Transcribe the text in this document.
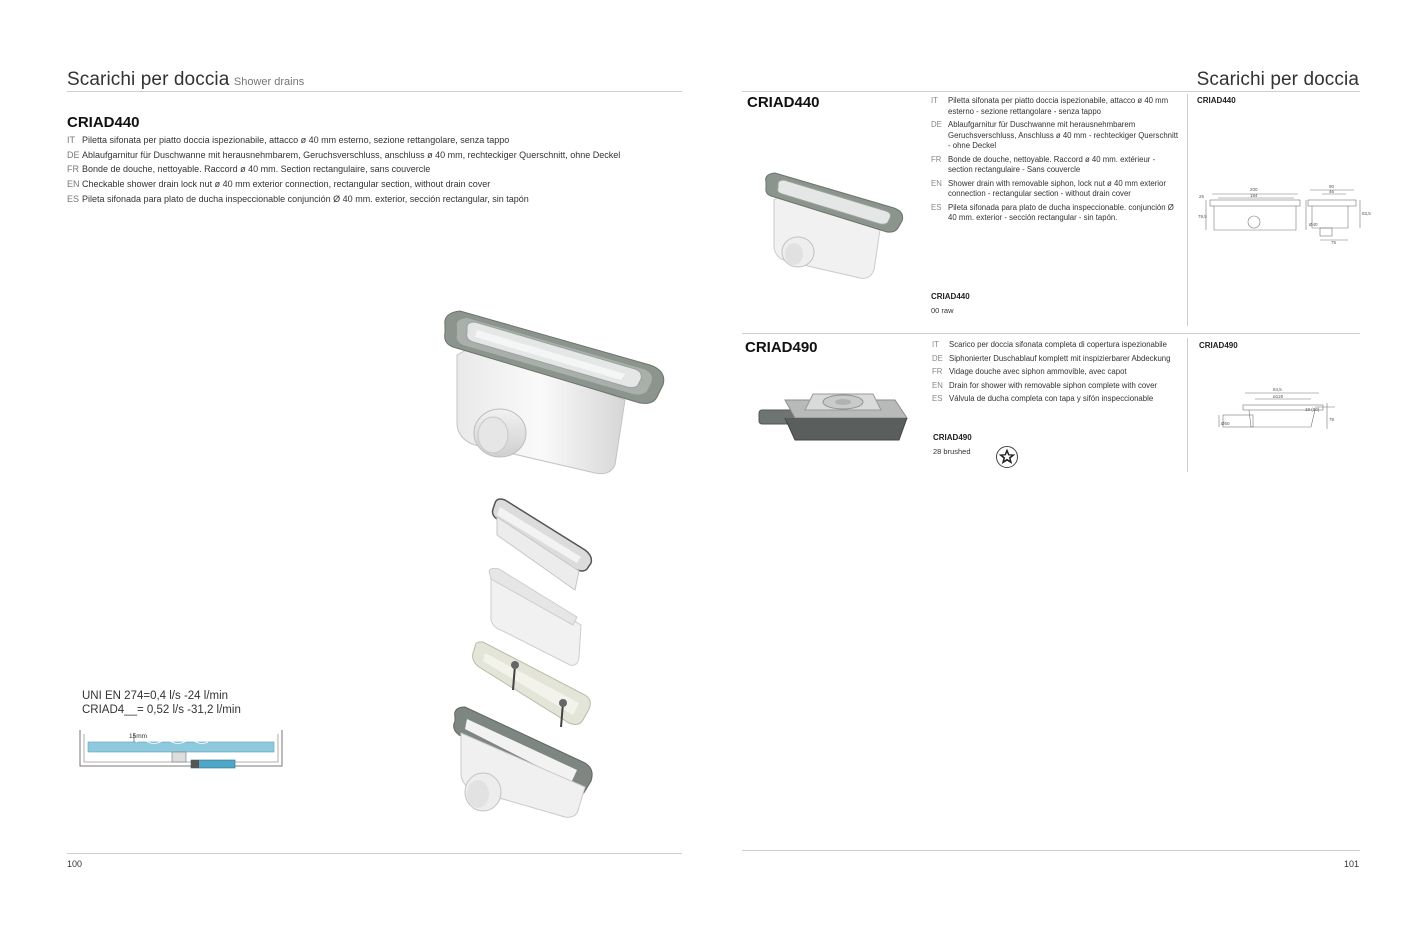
Scarichi per doccia Shower drains
CRIAD440
IT Piletta sifonata per piatto doccia ispezionabile, attacco ø 40 mm esterno, sezione rettangolare, senza tappo
DE Ablaufgarnitur für Duschwanne mit herausnehmbarem, Geruchsverschluss, anschluss ø 40 mm, rechteckiger Querschnitt, ohne Deckel
FR Bonde de douche, nettoyable. Raccord ø 40 mm. Section rectangulaire, sans couvercle
EN Checkable shower drain lock nut ø 40 mm exterior connection, rectangular section, without drain cover
ES Pileta sifonada para plato de ducha inspeccionable conjunción Ø 40 mm. exterior, sección rectangular, sin tapón
UNI EN 274=0,4 l/s -24 l/min
CRIAD4__= 0,52 l/s -31,2 l/min
15mm
100
Scarichi per doccia
CRIAD440	IT	Piletta sifonata per piatto doccia ispezionabile, attacco ø 40 mm esterno - sezione rettangolare - senza tappo
DE Ablaufgarnitur für Duschwanne mit herausnehmbarem Geruchsverschluss, Anschluss ø 40 mm - rechteckiger Querschnitt - ohne Deckel
FR Bonde de douche, nettoyable. Raccord ø 40 mm. extérieur - section rectangulaire - Sans couvercle
EN Shower drain with removable siphon, lock nut ø 40 mm exterior connection - rectangular section - without drain cover
ES Pileta sifonada para plato de ducha inspeccionable. conjunción Ø 40 mm. exterior - sección rectangular - sin tapón.
CRIAD440
00 raw
CRIAD440
200
184
25
79,5
90
46
83,5
Ø40
75
CRIAD490	IT	Scarico per doccia sifonata completa di copertura ispezionabile
DE Siphonierter Duschablauf komplett mit inspizierbarer Abdeckung
FR Vidage douche avec siphon ammovible, avec capot
EN Drain for shower with removable siphon complete with cover
ES Válvula de ducha completa con tapa y sifón inspeccionable
CRIAD490
28 brushed
CRIAD490
84,5
ø120
19 (30)
78
Ø50
101
